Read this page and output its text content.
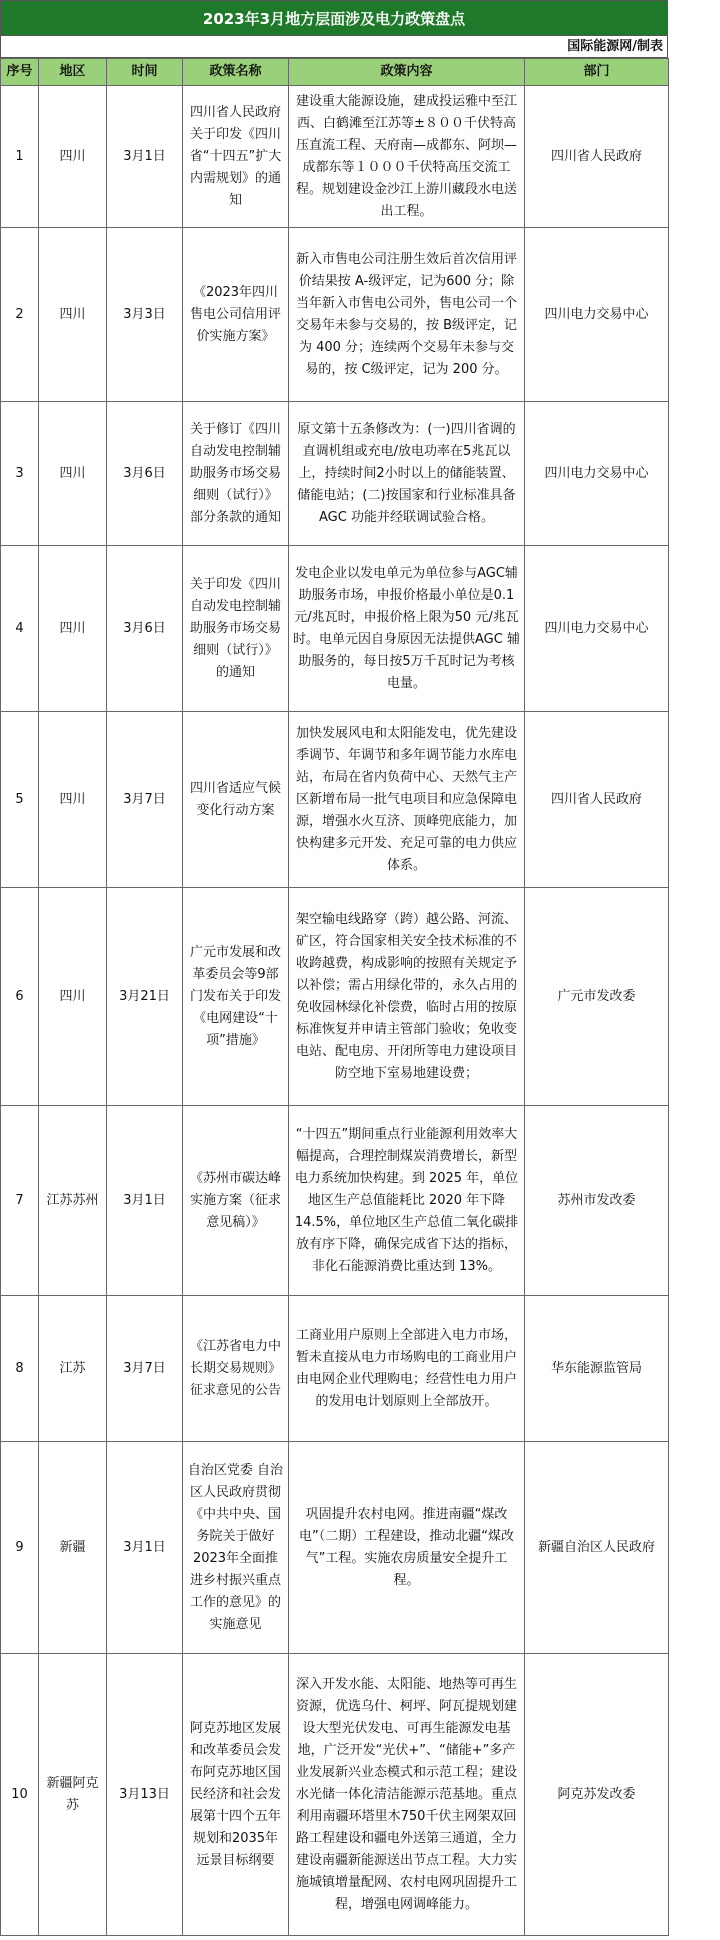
2023年3月地方层面涉及电力政策盘点
国际能源网/制表
序号	地区	时间	政策名称	政策内容	部门
1	四川	3月1日	四川省人民政府关于印发《四川省“十四五”扩大内需规划》的通知	建设重大能源设施，建成投运雅中至江西、白鹤滩至江苏等±８００千伏特高压直流工程、天府南—成都东、阿坝—成都东等１０００千伏特高压交流工程。规划建设金沙江上游川藏段水电送出工程。	四川省人民政府
2	四川	3月3日	《2023年四川售电公司信用评价实施方案》	新入市售电公司注册生效后首次信用评价结果按 A-级评定，记为600 分；除当年新入市售电公司外，售电公司一个交易年未参与交易的，按 B级评定，记为 400 分；连续两个交易年未参与交易的，按 C级评定，记为 200 分。	四川电力交易中心
3	四川	3月6日	关于修订《四川自动发电控制辅助服务市场交易细则（试行）》部分条款的通知	原文第十五条修改为：(一)四川省调的直调机组或充电/放电功率在5兆瓦以上，持续时间2小时以上的储能装置、储能电站；(二)按国家和行业标准具备AGC 功能并经联调试验合格。	四川电力交易中心
4	四川	3月6日	关于印发《四川自动发电控制辅助服务市场交易细则（试行）》的通知	发电企业以发电单元为单位参与AGC辅助服务市场，申报价格最小单位是0.1元/兆瓦时，申报价格上限为50 元/兆瓦时。电单元因自身原因无法提供AGC 辅助服务的，每日按5万千瓦时记为考核电量。	四川电力交易中心
5	四川	3月7日	四川省适应气候变化行动方案	加快发展风电和太阳能发电，优先建设季调节、年调节和多年调节能力水库电站，布局在省内负荷中心、天然气主产区新增布局一批气电项目和应急保障电源，增强水火互济、顶峰兜底能力，加快构建多元开发、充足可靠的电力供应体系。	四川省人民政府
6	四川	3月21日	广元市发展和改革委员会等9部门发布关于印发《电网建设“十项”措施》	架空输电线路穿（跨）越公路、河流、矿区，符合国家相关安全技术标准的不收跨越费，构成影响的按照有关规定予以补偿；需占用绿化带的，永久占用的免收园林绿化补偿费，临时占用的按原标准恢复并申请主管部门验收；免收变电站、配电房、开闭所等电力建设项目防空地下室易地建设费；	广元市发改委
7	江苏苏州	3月1日	《苏州市碳达峰实施方案（征求意见稿）》	“十四五”期间重点行业能源利用效率大幅提高，合理控制煤炭消费增长，新型电力系统加快构建。到 2025 年，单位地区生产总值能耗比 2020 年下降 14.5%，单位地区生产总值二氧化碳排放有序下降，确保完成省下达的指标，非化石能源消费比重达到 13%。	苏州市发改委
8	江苏	3月7日	《江苏省电力中长期交易规则》征求意见的公告	工商业用户原则上全部进入电力市场，暂未直接从电力市场购电的工商业用户由电网企业代理购电；经营性电力用户的发用电计划原则上全部放开。	华东能源监管局
9	新疆	3月1日	自治区党委 自治区人民政府贯彻《中共中央、国务院关于做好2023年全面推进乡村振兴重点工作的意见》的实施意见	巩固提升农村电网。推进南疆“煤改电”（二期）工程建设，推动北疆“煤改气”工程。实施农房质量安全提升工程。	新疆自治区人民政府
10	新疆阿克苏	3月13日	阿克苏地区发展和改革委员会发布阿克苏地区国民经济和社会发展第十四个五年规划和2035年远景目标纲要	深入开发水能、太阳能、地热等可再生资源，优选乌什、柯坪、阿瓦提规划建设大型光伏发电、可再生能源发电基地，广泛开发“光伏+”、“储能+”多产业发展新兴业态模式和示范工程；建设水光储一体化清洁能源示范基地。重点利用南疆环塔里木750千伏主网架双回路工程建设和疆电外送第三通道，全力建设南疆新能源送出节点工程。大力实施城镇增量配网、农村电网巩固提升工程，增强电网调峰能力。	阿克苏发改委
